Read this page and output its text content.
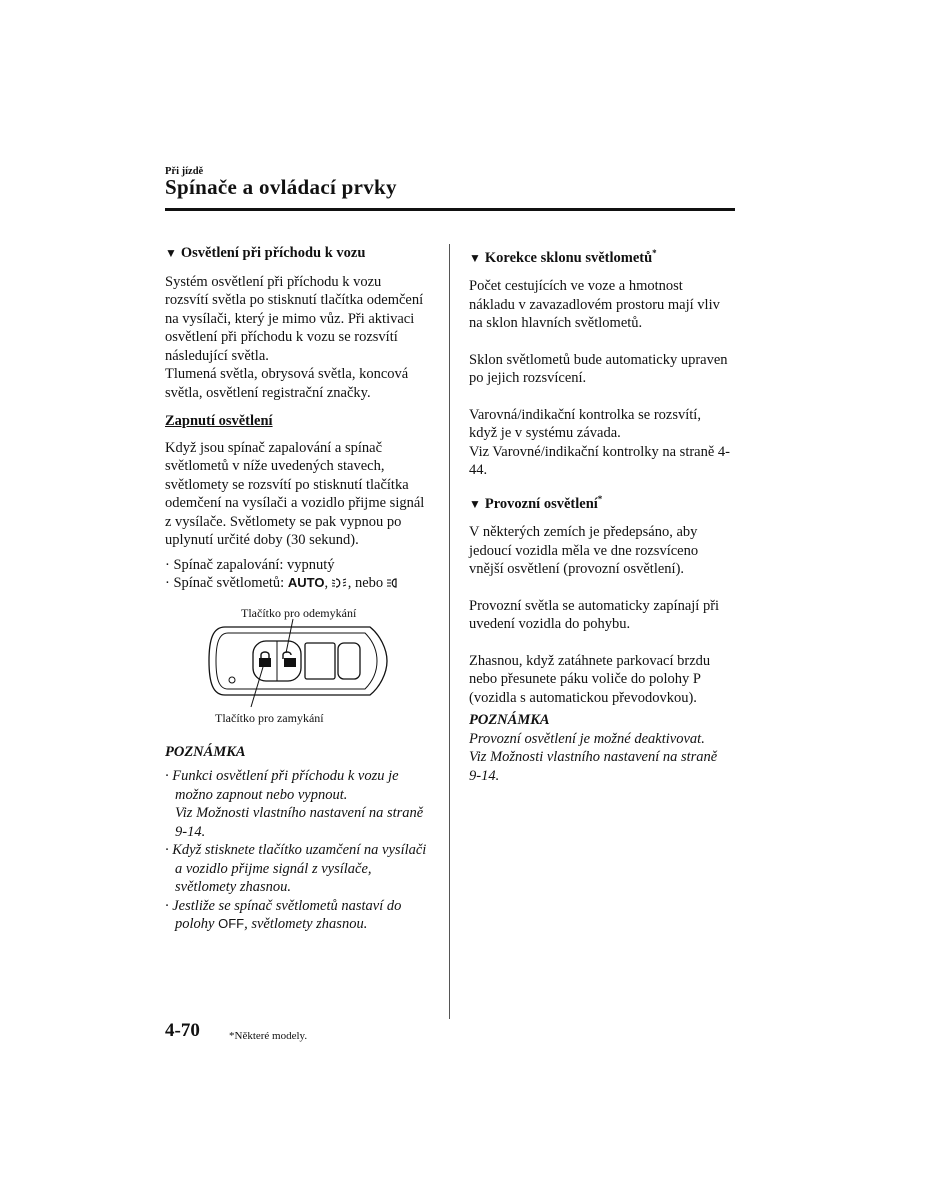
Při jízdě
Spínače a ovládací prvky
▼ Osvětlení při příchodu k vozu

Systém osvětlení při příchodu k vozu rozsvítí světla po stisknutí tlačítka odemčení na vysílači, který je mimo vůz. Při aktivaci osvětlení při příchodu k vozu se rozsvítí následující světla.
Tlumená světla, obrysová světla, koncová světla, osvětlení registrační značky.

Zapnutí osvětlení

Když jsou spínač zapalování a spínač světlometů v níže uvedených stavech, světlomety se rozsvítí po stisknutí tlačítka odemčení na vysílači a vozidlo přijme signál z vysílače. Světlomety se pak vypnou po uplynutí určité doby (30 sekund).

· Spínač zapalování: vypnutý
· Spínač světlometů: AUTO, , nebo
Tlačítko pro odemykání
Tlačítko pro zamykání
POZNÁMKA
· Funkci osvětlení při příchodu k vozu je možno zapnout nebo vypnout.
Viz Možnosti vlastního nastavení na straně 9-14.
· Když stisknete tlačítko uzamčení na vysílači a vozidlo přijme signál z vysílače, světlomety zhasnou.
· Jestliže se spínač světlometů nastaví do polohy OFF, světlomety zhasnou.
▼ Korekce sklonu světlometů*

Počet cestujících ve voze a hmotnost nákladu v zavazadlovém prostoru mají vliv na sklon hlavních světlometů.

Sklon světlometů bude automaticky upraven po jejich rozsvícení.

Varovná/indikační kontrolka se rozsvítí, když je v systému závada.
Viz Varovné/indikační kontrolky na straně 4-44.

▼ Provozní osvětlení*

V některých zemích je předepsáno, aby jedoucí vozidla měla ve dne rozsvíceno vnější osvětlení (provozní osvětlení).

Provozní světla se automaticky zapínají při uvedení vozidla do pohybu.

Zhasnou, když zatáhnete parkovací brzdu nebo přesunete páku voliče do polohy P (vozidla s automatickou převodovkou).

POZNÁMKA
Provozní osvětlení je možné deaktivovat.
Viz Možnosti vlastního nastavení na straně 9-14.
4-70	*Některé modely.
